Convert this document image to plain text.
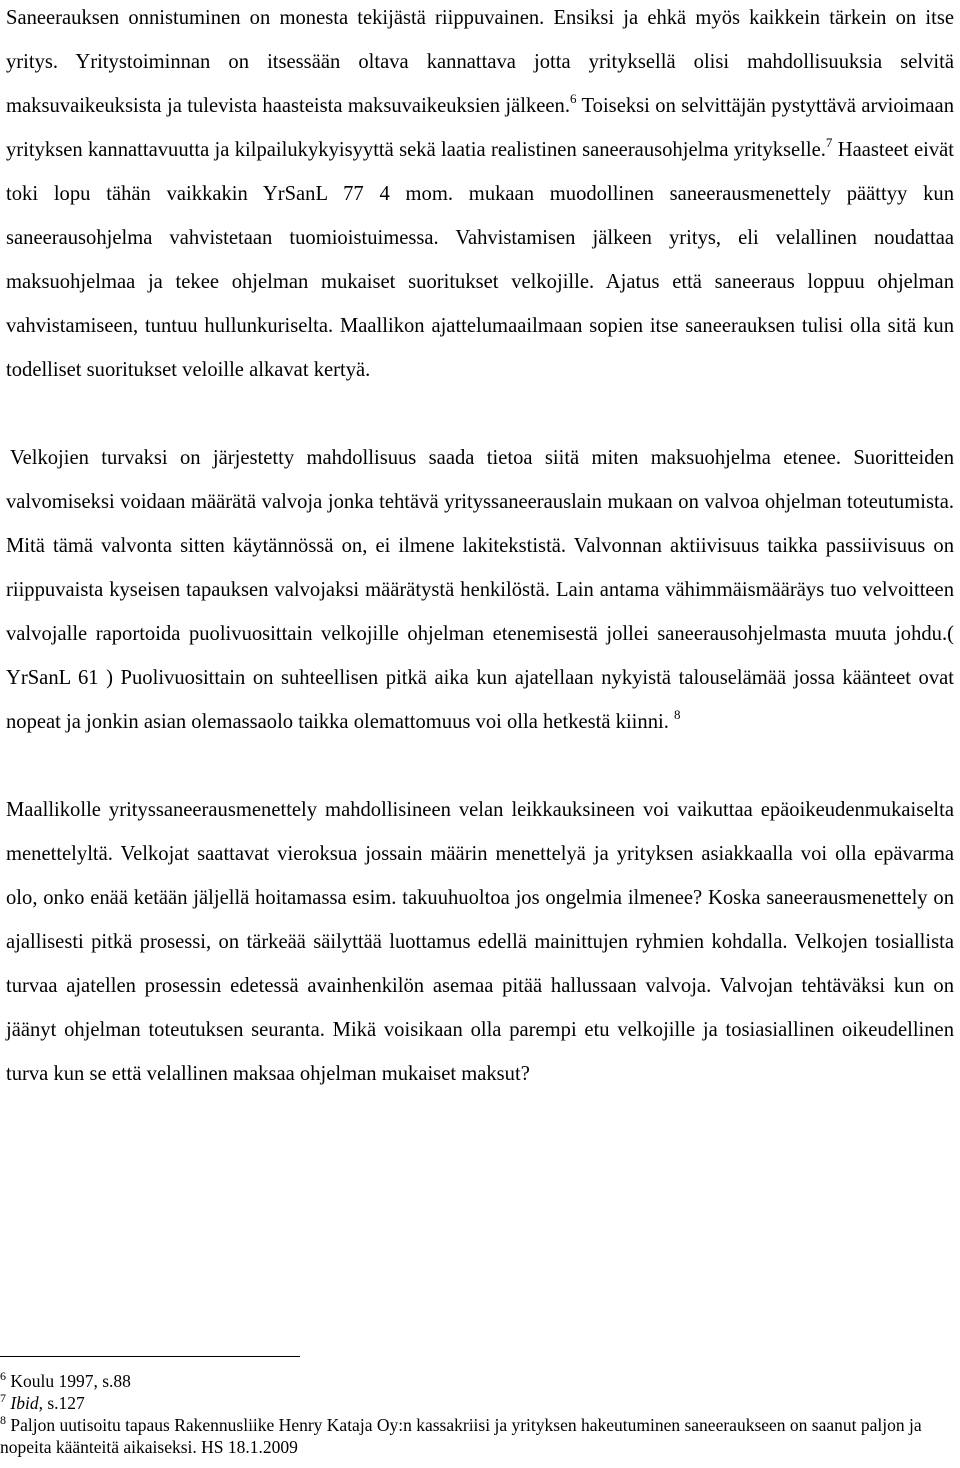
Saneerauksen onnistuminen on monesta tekijästä riippuvainen. Ensiksi ja ehkä myös kaikkein tärkein on itse yritys. Yritystoiminnan on itsessään oltava kannattava jotta yrityksellä olisi mahdollisuuksia selvitä maksuvaikeuksista ja tulevista haasteista maksuvaikeuksien jälkeen.$^6$ Toiseksi on selvittäjän pystyttävä arvioimaan yrityksen kannattavuutta ja kilpailukykyisyyttä sekä laatia realistinen saneerausohjelma yritykselle.$^7$ Haasteet eivät toki lopu tähän vaikkakin YrSanL 77 4 mom. mukaan muodollinen saneerausmenettely päättyy kun saneerausohjelma vahvistetaan tuomioistuimessa. Vahvistamisen jälkeen yritys, eli velallinen noudattaa maksuohjelmaa ja tekee ohjelman mukaiset suoritukset velkojille. Ajatus että saneeraus loppuu ohjelman vahvistamiseen, tuntuu hullunkuriselta. Maallikon ajattelumaailmaan sopien itse saneerauksen tulisi olla sitä kun todelliset suoritukset veloille alkavat kertyä.

Velkojien turvaksi on järjestetty mahdollisuus saada tietoa siitä miten maksuohjelma etenee. Suoritteiden valvomiseksi voidaan määrätä valvoja jonka tehtävä yrityssaneerauslain mukaan on valvoa ohjelman toteutumista. Mitä tämä valvonta sitten käytännössä on, ei ilmene lakitekstistä. Valvonnan aktiivisuus taikka passiivisuus on riippuvaista kyseisen tapauksen valvojaksi määrätystä henkilöstä. Lain antama vähimmäismääräys tuo velvoitteen valvojalle raportoida puolivuosittain velkojille ohjelman etenemisestä jollei saneerausohjelmasta muuta johdu.( YrSanL 61 ) Puolivuosittain on suhteellisen pitkä aika kun ajatellaan nykyistä talouselämää jossa käänteet ovat nopeat ja jonkin asian olemassaolo taikka olemattomuus voi olla hetkestä kiinni. $^8$

Maallikolle yrityssaneerausmenettely mahdollisineen velan leikkauksineen voi vaikuttaa epäoikeudenmukaiselta menettelyltä. Velkojat saattavat vieroksua jossain määrin menettelyä ja yrityksen asiakkaalla voi olla epävarma olo, onko enää ketään jäljellä hoitamassa esim. takuuhuoltoa jos ongelmia ilmenee? Koska saneerausmenettely on ajallisesti pitkä prosessi, on tärkeää säilyttää luottamus edellä mainittujen ryhmien kohdalla. Velkojen tosiallista turvaa ajatellen prosessin edetessä avainhenkilön asemaa pitää hallussaan valvoja. Valvojan tehtäväksi kun on jäänyt ohjelman toteutuksen seuranta. Mikä voisikaan olla parempi etu velkojille ja tosiasiallinen oikeudellinen turva kun se että velallinen maksaa ohjelman mukaiset maksut?

$^6$ Koulu 1997, s.88

$^7$ Ibid, s.127

$^8$ Paljon uutisoitu tapaus Rakennusliike Henry Kataja Oy:n kassakriisi ja yrityksen hakeutuminen saneeraukseen on saanut paljon ja nopeita käänteitä aikaiseksi. HS 18.1.2009
